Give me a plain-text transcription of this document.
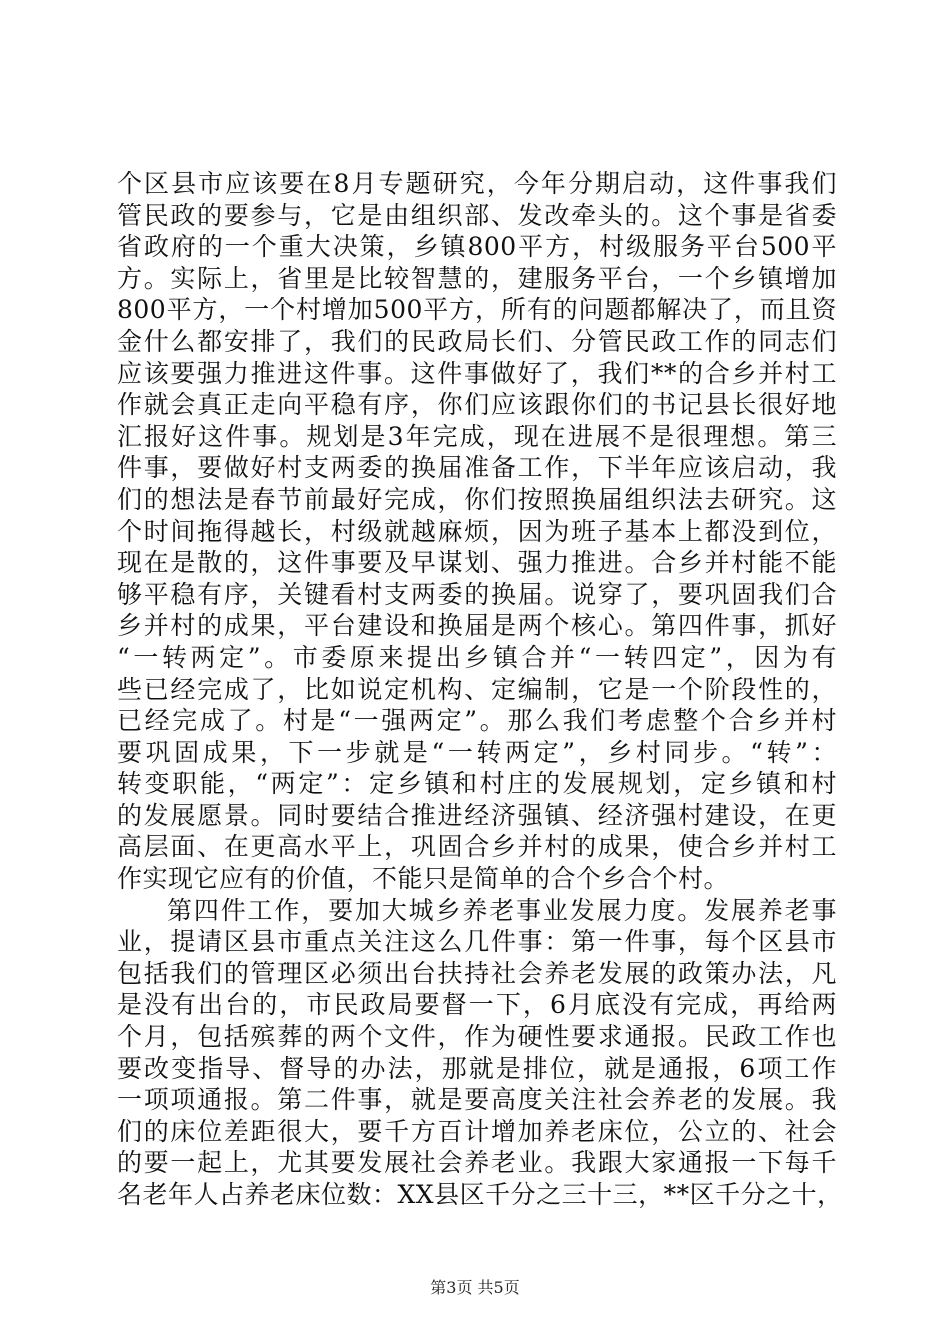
个区县市应该要在8月专题研究，今年分期启动，这件事我们
管民政的要参与，它是由组织部、发改牵头的。这个事是省委
省政府的一个重大决策，乡镇800平方，村级服务平台500平
方。实际上，省里是比较智慧的，建服务平台，一个乡镇增加
800平方，一个村增加500平方，所有的问题都解决了，而且资
金什么都安排了，我们的民政局长们、分管民政工作的同志们
应该要强力推进这件事。这件事做好了，我们**的合乡并村工
作就会真正走向平稳有序，你们应该跟你们的书记县长很好地
汇报好这件事。规划是3年完成，现在进展不是很理想。第三
件事，要做好村支两委的换届准备工作，下半年应该启动，我
们的想法是春节前最好完成，你们按照换届组织法去研究。这
个时间拖得越长，村级就越麻烦，因为班子基本上都没到位，
现在是散的，这件事要及早谋划、强力推进。合乡并村能不能
够平稳有序，关键看村支两委的换届。说穿了，要巩固我们合
乡并村的成果，平台建设和换届是两个核心。第四件事，抓好
“一转两定”。市委原来提出乡镇合并“一转四定”，因为有
些已经完成了，比如说定机构、定编制，它是一个阶段性的，
已经完成了。村是“一强两定”。那么我们考虑整个合乡并村
要巩固成果，下一步就是“一转两定”，乡村同步。“转”：
转变职能，“两定”：定乡镇和村庄的发展规划，定乡镇和村
的发展愿景。同时要结合推进经济强镇、经济强村建设，在更
高层面、在更高水平上，巩固合乡并村的成果，使合乡并村工
作实现它应有的价值，不能只是简单的合个乡合个村。
第四件工作，要加大城乡养老事业发展力度。发展养老事
业，提请区县市重点关注这么几件事：第一件事，每个区县市
包括我们的管理区必须出台扶持社会养老发展的政策办法，凡
是没有出台的，市民政局要督一下，6月底没有完成，再给两
个月，包括殡葬的两个文件，作为硬性要求通报。民政工作也
要改变指导、督导的办法，那就是排位，就是通报，6项工作
一项项通报。第二件事，就是要高度关注社会养老的发展。我
们的床位差距很大，要千方百计增加养老床位，公立的、社会
的要一起上，尤其要发展社会养老业。我跟大家通报一下每千
名老年人占养老床位数：XX县区千分之三十三，**区千分之十，
第3页 共5页
